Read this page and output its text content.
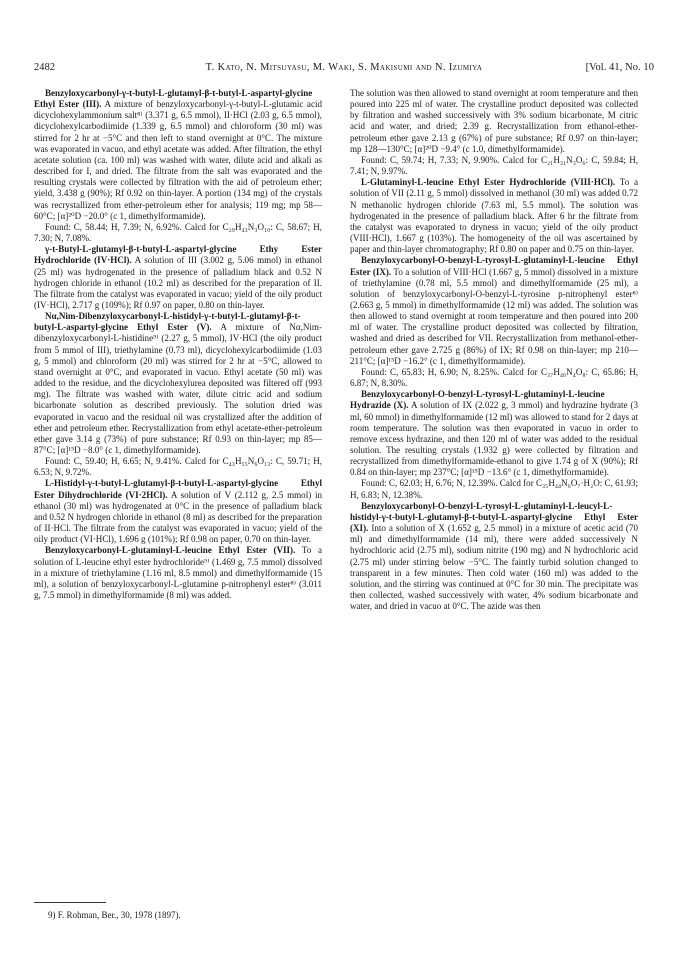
2482	T. Kato, N. Mitsuyasu, M. Waki, S. Makisumi and N. Izumiya	[Vol. 41, No. 10

Benzyloxycarbonyl-γ-t-butyl-L-glutamyl-β-t-butyl-L-aspartyl-glycine Ethyl Ester (III). A mixture of benzyloxycarbonyl-γ-t-butyl-L-glutamic acid dicyclohexylammonium salt⁸⁾ (3.371 g, 6.5 mmol), II·HCl (2.03 g, 6.5 mmol), dicyclohexylcarbodiimide (1.339 g, 6.5 mmol) and chloroform (30 ml) was stirred for 2 hr at −5°C and then left to stand overnight at 0°C. The mixture was evaporated in vacuo, and ethyl acetate was added. After filtration, the ethyl acetate solution (ca. 100 ml) was washed with water, dilute acid and alkali as described for I, and dried. The filtrate from the salt was evaporated and the resulting crystals were collected by filtration with the aid of petroleum ether; yield, 3.438 g (90%); Rf 0.92 on thin-layer. A portion (134 mg) of the crystals was recrystallized from ether-petroleum ether for analysis; 119 mg; mp 58—60°C; [α]²⁰D −20.0° (c 1, dimethylformamide).

Found: C, 58.44; H, 7.39; N, 6.92%. Calcd for C₂₉H₄₃N₃O₁₀: C, 58.67; H, 7.30; N, 7.08%.

γ-t-Butyl-L-glutamyl-β-t-butyl-L-aspartyl-glycine Ethy Ester Hydrochloride (IV·HCl). A solution of III (3.002 g, 5.06 mmol) in ethanol (25 ml) was hydrogenated in the presence of palladium black and 0.52 N hydrogen chloride in ethanol (10.2 ml) as described for the preparation of II. The filtrate from the catalyst was evaporated in vacuo; yield of the oily product (IV·HCl), 2.717 g (109%); Rf 0.97 on paper, 0.80 on thin-layer.

Nα,Nim-Dibenzyloxycarbonyl-L-histidyl-γ-t-butyl-L-glutamyl-β-t-butyl-L-aspartyl-glycine Ethyl Ester (V). A mixture of Nα,Nim-dibenzyloxycarbonyl-L-histidine⁹⁾ (2.27 g, 5 mmol), IV·HCl (the oily product from 5 mmol of III), triethylamine (0.73 ml), dicyclohexylcarbodiimide (1.03 g, 5 mmol) and chloroform (20 ml) was stirred for 2 hr at −5°C, allowed to stand overnight at 0°C, and evaporated in vacuo. Ethyl acetate (50 ml) was added to the residue, and the dicyclohexylurea deposited was filtered off (993 mg). The filtrate was washed with water, dilute citric acid and sodium bicarbonate solution as described previously. The solution dried was evaporated in vacuo and the residual oil was crystallized after the addition of ether and petroleum ether. Recrystallization from ethyl acetate-ether-petroleum ether gave 3.14 g (73%) of pure substance; Rf 0.93 on thin-layer; mp 85—87°C; [α]¹⁵D −8.0° (c 1, dimethylformamide).

Found: C, 59.40; H, 6.65; N, 9.41%. Calcd for C₄₃H₅₅N₆O₁₃: C, 59.71; H, 6.53; N, 9.72%.

L-Histidyl-γ-t-butyl-L-glutamyl-β-t-butyl-L-aspartyl-glycine Ethyl Ester Dihydrochloride (VI·2HCl). A solution of V (2.112 g, 2.5 mmol) in ethanol (30 ml) was hydrogenated at 0°C in the presence of palladium black and 0.52 N hydrogen chloride in ethanol (8 ml) as described for the preparation of II·HCl. The filtrate from the catalyst was evaporated in vacuo; yield of the oily product (VI·HCl), 1.696 g (101%); Rf 0.98 on paper, 0.70 on thin-layer.

Benzyloxycarbonyl-L-glutaminyl-L-leucine Ethyl Ester (VII). To a solution of L-leucine ethyl ester hydrochloride⁹⁾ (1.469 g, 7.5 mmol) dissolved in a mixture of triethylamine (1.16 ml, 8.5 mmol) and dimethylformamide (15 ml), a solution of benzyloxycarbonyl-L-glutamine p-nitrophenyl ester⁸⁾ (3.011 g, 7.5 mmol) in dimethylformamide (8 ml) was added.

The solution was then allowed to stand overnight at room temperature and then poured into 225 ml of water. The crystalline product deposited was collected by filtration and washed successively with 3% sodium bicarbonate, M citric acid and water, and dried; 2.39 g. Recrystallization from ethanol-ether-petroleum ether gave 2.13 g (67%) of pure substance; Rf 0.97 on thin-layer; mp 128—130°C; [α]²⁰D −9.4° (c 1.0, dimethylformamide).

Found: C, 59.74; H, 7.33; N, 9.90%. Calcd for C₂₁H₃₁N₃O₆: C, 59.84; H, 7.41; N, 9.97%.

L-Glutaminyl-L-leucine Ethyl Ester Hydrochloride (VIII·HCl). To a solution of VII (2.11 g, 5 mmol) dissolved in methanol (30 ml) was added 0.72 N methanolic hydrogen chloride (7.63 ml, 5.5 mmol). The solution was hydrogenated in the presence of palladium black. After 6 hr the filtrate from the catalyst was evaporated to dryness in vacuo; yield of the oily product (VIII·HCl), 1.667 g (103%). The homogeneity of the oil was ascertained by paper and thin-layer chromatography; Rf 0.80 on paper and 0.75 on thin-layer.

Benzyloxycarbonyl-O-benzyl-L-tyrosyl-L-glutaminyl-L-leucine Ethyl Ester (IX). To a solution of VIII·HCl (1.667 g, 5 mmol) dissolved in a mixture of triethylamine (0.78 ml, 5.5 mmol) and dimethylformamide (25 ml), a solution of benzyloxycarbonyl-O-benzyl-L-tyrosine p-nitrophenyl ester⁸⁾ (2.663 g, 5 mmol) in dimethylformamide (12 ml) was added. The solution was then allowed to stand overnight at room temperature and then poured into 200 ml of water. The crystalline product deposited was collected by filtration, washed and dried as described for VII. Recrystallization from methanol-ether-petroleum ether gave 2.725 g (86%) of IX; Rf 0.98 on thin-layer; mp 210—211°C; [α]¹⁵D −16.2° (c 1, dimethylformamide).

Found: C, 65.83; H, 6.90; N, 8.25%. Calcd for C₃₇H₄₆N₄O₈: C, 65.86; H, 6.87; N, 8.30%.

Benzyloxycarbonyl-O-benzyl-L-tyrosyl-L-glutaminyl-L-leucine Hydrazide (X). A solution of IX (2.022 g, 3 mmol) and hydrazine hydrate (3 ml, 60 mmol) in dimethylformamide (12 ml) was allowed to stand for 2 days at room temperature. The solution was then evaporated in vacuo in order to remove excess hydrazine, and then 120 ml of water was added to the residual solution. The resulting crystals (1.932 g) were collected by filtration and recrystallized from dimethylformamide-ethanol to give 1.74 g of X (90%); Rf 0.84 on thin-layer; mp 237°C; [α]¹⁵D −13.6° (c 1, dimethylformamide).

Found: C, 62.03; H, 6.76; N, 12.39%. Calcd for C₃₅H₄₄N₆O₇·H₂O: C, 61.93; H, 6.83; N, 12.38%.

Benzyloxycarbonyl-O-benzyl-L-tyrosyl-L-glutaminyl-L-leucyl-L-histidyl-γ-t-butyl-L-glutamyl-β-t-butyl-L-aspartyl-glycine Ethyl Ester (XI). Into a solution of X (1.652 g, 2.5 mmol) in a mixture of acetic acid (70 ml) and dimethylformamide (14 ml), there were added successively N hydrochloric acid (2.75 ml), sodium nitrite (190 mg) and N hydrochloric acid (2.75 ml) under stirring below −5°C. The faintly turbid solution changed to transparent in a few minutes. Then cold water (160 ml) was added to the solution, and the stirring was continued at 0°C for 30 min. The precipitate was then collected, washed successively with water, 4% sodium bicarbonate and water, and dried in vacuo at 0°C. The azide was then

9) F. Rohman, Ber., 30, 1978 (1897).
